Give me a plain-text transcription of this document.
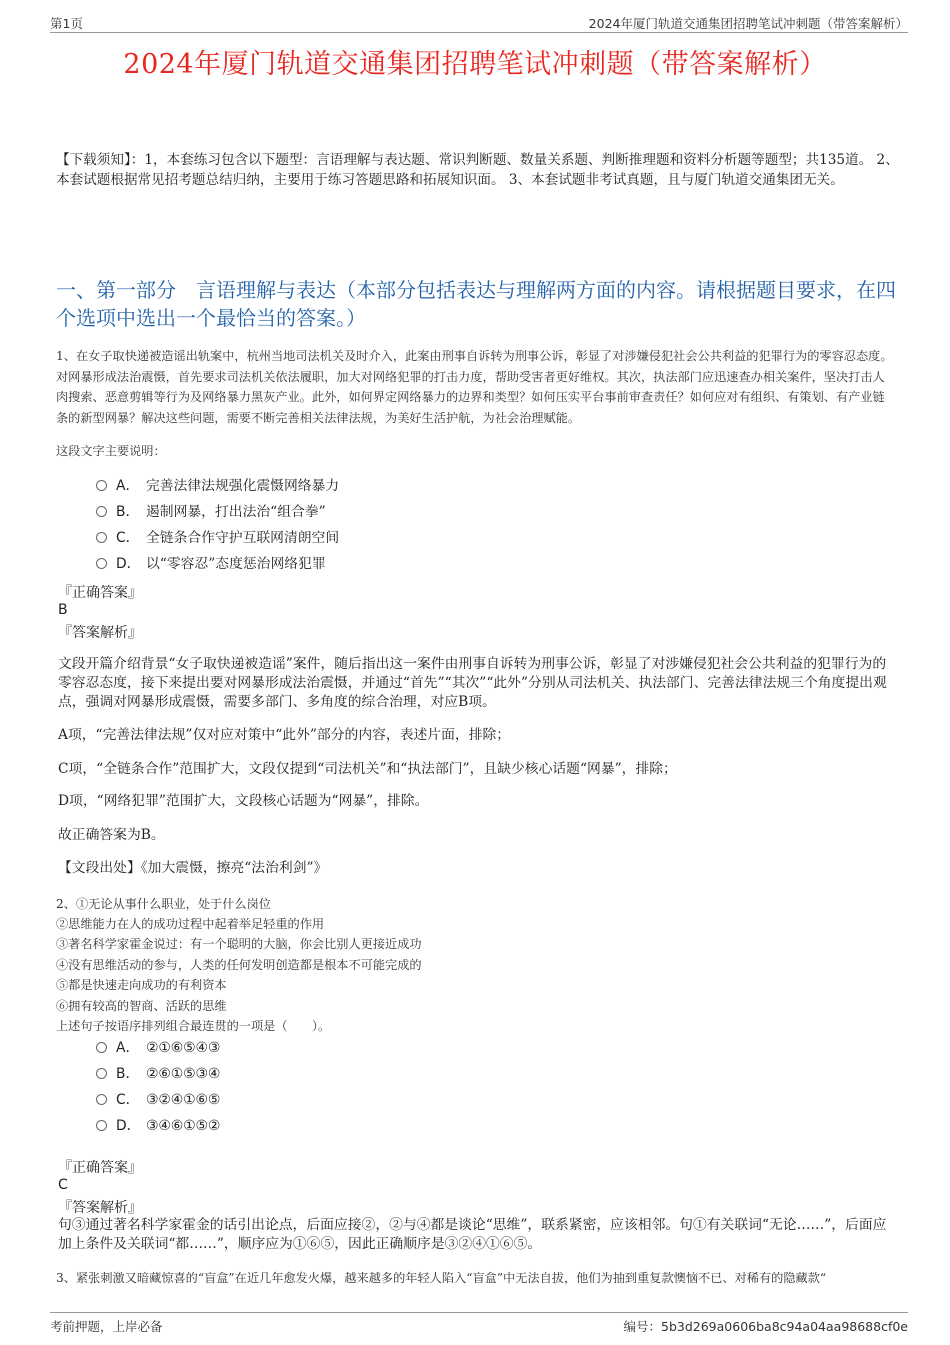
第1页	2024年厦门轨道交通集团招聘笔试冲刺题（带答案解析）
2024年厦门轨道交通集团招聘笔试冲刺题（带答案解析）
【下载须知】：1，本套练习包含以下题型：言语理解与表达题、常识判断题、数量关系题、判断推理题和资料分析题等题型；共135道。 2、本套试题根据常见招考题总结归纳，主要用于练习答题思路和拓展知识面。 3、本套试题非考试真题，且与厦门轨道交通集团无关。
一、第一部分　言语理解与表达（本部分包括表达与理解两方面的内容。请根据题目要求，在四个选项中选出一个最恰当的答案。）
1、在女子取快递被造谣出轨案中，杭州当地司法机关及时介入，此案由刑事自诉转为刑事公诉，彰显了对涉嫌侵犯社会公共利益的犯罪行为的零容忍态度。对网暴形成法治震慑，首先要求司法机关依法履职，加大对网络犯罪的打击力度，帮助受害者更好维权。其次，执法部门应迅速查办相关案件，坚决打击人肉搜索、恶意剪辑等行为及网络暴力黑灰产业。此外，如何界定网络暴力的边界和类型？如何压实平台事前审查责任？如何应对有组织、有策划、有产业链条的新型网暴？解决这些问题，需要不断完善相关法律法规，为美好生活护航，为社会治理赋能。
这段文字主要说明：
A． 完善法律法规强化震慑网络暴力
B． 遏制网暴，打出法治“组合拳”
C． 全链条合作守护互联网清朗空间
D． 以“零容忍”态度惩治网络犯罪
『正确答案』
B
『答案解析』
文段开篇介绍背景“女子取快递被造谣”案件，随后指出这一案件由刑事自诉转为刑事公诉，彰显了对涉嫌侵犯社会公共利益的犯罪行为的零容忍态度，接下来提出要对网暴形成法治震慑，并通过“首先”“其次”“此外”分别从司法机关、执法部门、完善法律法规三个角度提出观点，强调对网暴形成震慑，需要多部门、多角度的综合治理，对应B项。
A项，“完善法律法规”仅对应对策中“此外”部分的内容，表述片面，排除；
C项，“全链条合作”范围扩大，文段仅提到“司法机关”和“执法部门”，且缺少核心话题“网暴”，排除；
D项，“网络犯罪”范围扩大，文段核心话题为“网暴”，排除。
故正确答案为B。
【文段出处】《加大震慑，擦亮“法治利剑”》
2、①无论从事什么职业，处于什么岗位
②思维能力在人的成功过程中起着举足轻重的作用
③著名科学家霍金说过：有一个聪明的大脑，你会比别人更接近成功
④没有思维活动的参与，人类的任何发明创造都是根本不可能完成的
⑤都是快速走向成功的有利资本
⑥拥有较高的智商、活跃的思维
上述句子按语序排列组合最连贯的一项是（　　）。
A． ②①⑥⑤④③
B． ②⑥①⑤③④
C． ③②④①⑥⑤
D． ③④⑥①⑤②
『正确答案』
C
『答案解析』
句③通过著名科学家霍金的话引出论点，后面应接②，②与④都是谈论“思维”，联系紧密，应该相邻。句①有关联词“无论……”，后面应加上条件及关联词“都……”，顺序应为①⑥⑤，因此正确顺序是③②④①⑥⑤。
3、紧张刺激又暗藏惊喜的“盲盒”在近几年愈发火爆，越来越多的年轻人陷入“盲盒”中无法自拔，他们为抽到重复款懊恼不已、对稀有的隐藏款“
考前押题，上岸必备	编号：5b3d269a0606ba8c94a04aa98688cf0e
